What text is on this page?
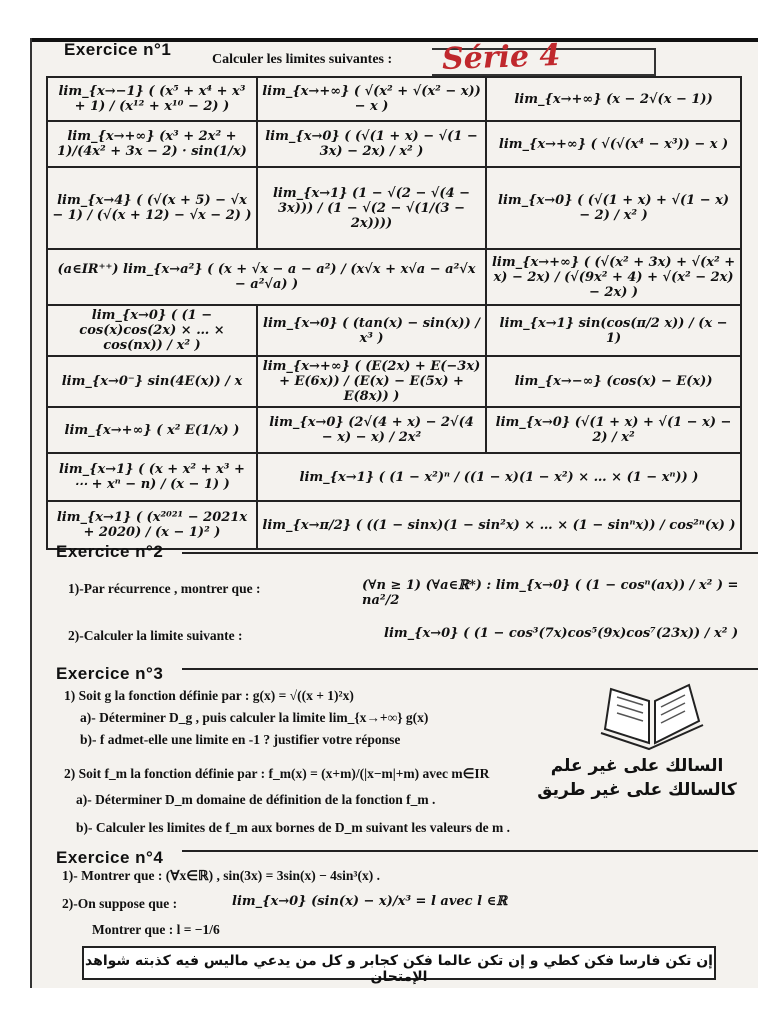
Exercice n°1
Calculer les limites suivantes : Série 4
lim_{x→−1} ( (x⁵ + x⁴ + x³ + 1) / (x¹² + x¹⁰ − 2) )	lim_{x→+∞} ( √(x² + √(x² − x)) − x )	lim_{x→+∞} (x − 2√(x − 1))
lim_{x→+∞} (x³ + 2x² + 1)/(4x² + 3x − 2) · sin(1/x)	lim_{x→0} ( (√(1 + x) − √(1 − 3x) − 2x) / x² )	lim_{x→+∞} ( √(√(x⁴ − x³)) − x )
lim_{x→4} ( (√(x + 5) − √x − 1) / (√(x + 12) − √x − 2) )	lim_{x→1} (1 − √(2 − √(4 − 3x))) / (1 − √(2 − √(1/(3 − 2x))))	lim_{x→0} ( (√(1 + x) + √(1 − x) − 2) / x² )
(a∈IR⁺⁺) lim_{x→a²} ( (x + √x − a − a²) / (x√x + x√a − a²√x − a²√a) )		lim_{x→+∞} ( (√(x² + 3x) + √(x² + x) − 2x) / (√(9x² + 4) + √(x² − 2x) − 2x) )
lim_{x→0} ( (1 − cos(x)cos(2x) × … × cos(nx)) / x² )	lim_{x→0} ( (tan(x) − sin(x)) / x³ )	lim_{x→1} sin(cos(π/2 x)) / (x − 1)
lim_{x→0⁻} sin(4E(x)) / x	lim_{x→+∞} ( (E(2x) + E(−3x) + E(6x)) / (E(x) − E(5x) + E(8x)) )	lim_{x→−∞} (cos(x) − E(x))
lim_{x→+∞} ( x² E(1/x) )	lim_{x→0} (2√(4 + x) − 2√(4 − x) − x) / 2x²	lim_{x→0} (√(1 + x) + √(1 − x) − 2) / x²
lim_{x→1} ( (x + x² + x³ + ⋯ + xⁿ − n) / (x − 1) )	lim_{x→1} ( (1 − x²)ⁿ / ((1 − x)(1 − x²) × … × (1 − xⁿ)) )	
lim_{x→1} ( (x²⁰²¹ − 2021x + 2020) / (x − 1)² )	lim_{x→π/2} ( ((1 − sinx)(1 − sin²x) × … × (1 − sinⁿx)) / cos²ⁿ(x) )	
Exercice n°2
1)-Par récurrence , montrer que :	(∀n ≥ 1) (∀a∈ℝ*) : lim_{x→0} ( (1 − cosⁿ(ax)) / x² ) = na²/2
2)-Calculer la limite suivante :	lim_{x→0} ( (1 − cos³(7x)cos⁵(9x)cos⁷(23x)) / x² )
Exercice n°3
1) Soit g la fonction définie par : g(x) = √((x + 1)²x)
a)- Déterminer D_g , puis calculer la limite lim_{x→+∞} g(x)
b)- f admet-elle une limite en -1 ? justifier votre réponse
2) Soit f_m la fonction définie par : f_m(x) = (x+m)/(|x−m|+m) avec m∈IR
a)- Déterminer D_m domaine de définition de la fonction f_m .
b)- Calculer les limites de f_m aux bornes de D_m suivant les valeurs de m .
السالك على غير علم
كالسالك على غير طريق
Exercice n°4
1)- Montrer que : (∀x∈ℝ) , sin(3x) = 3sin(x) − 4sin³(x) .
2)-On suppose que :	lim_{x→0} (sin(x) − x)/x³ = l avec l ∈ℝ
Montrer que : l = −1/6
إن تكن فارسا فكن كطي و إن تكن عالما فكن كجابر و كل من يدعي ماليس فيه كذبته شواهد الإمتحان
